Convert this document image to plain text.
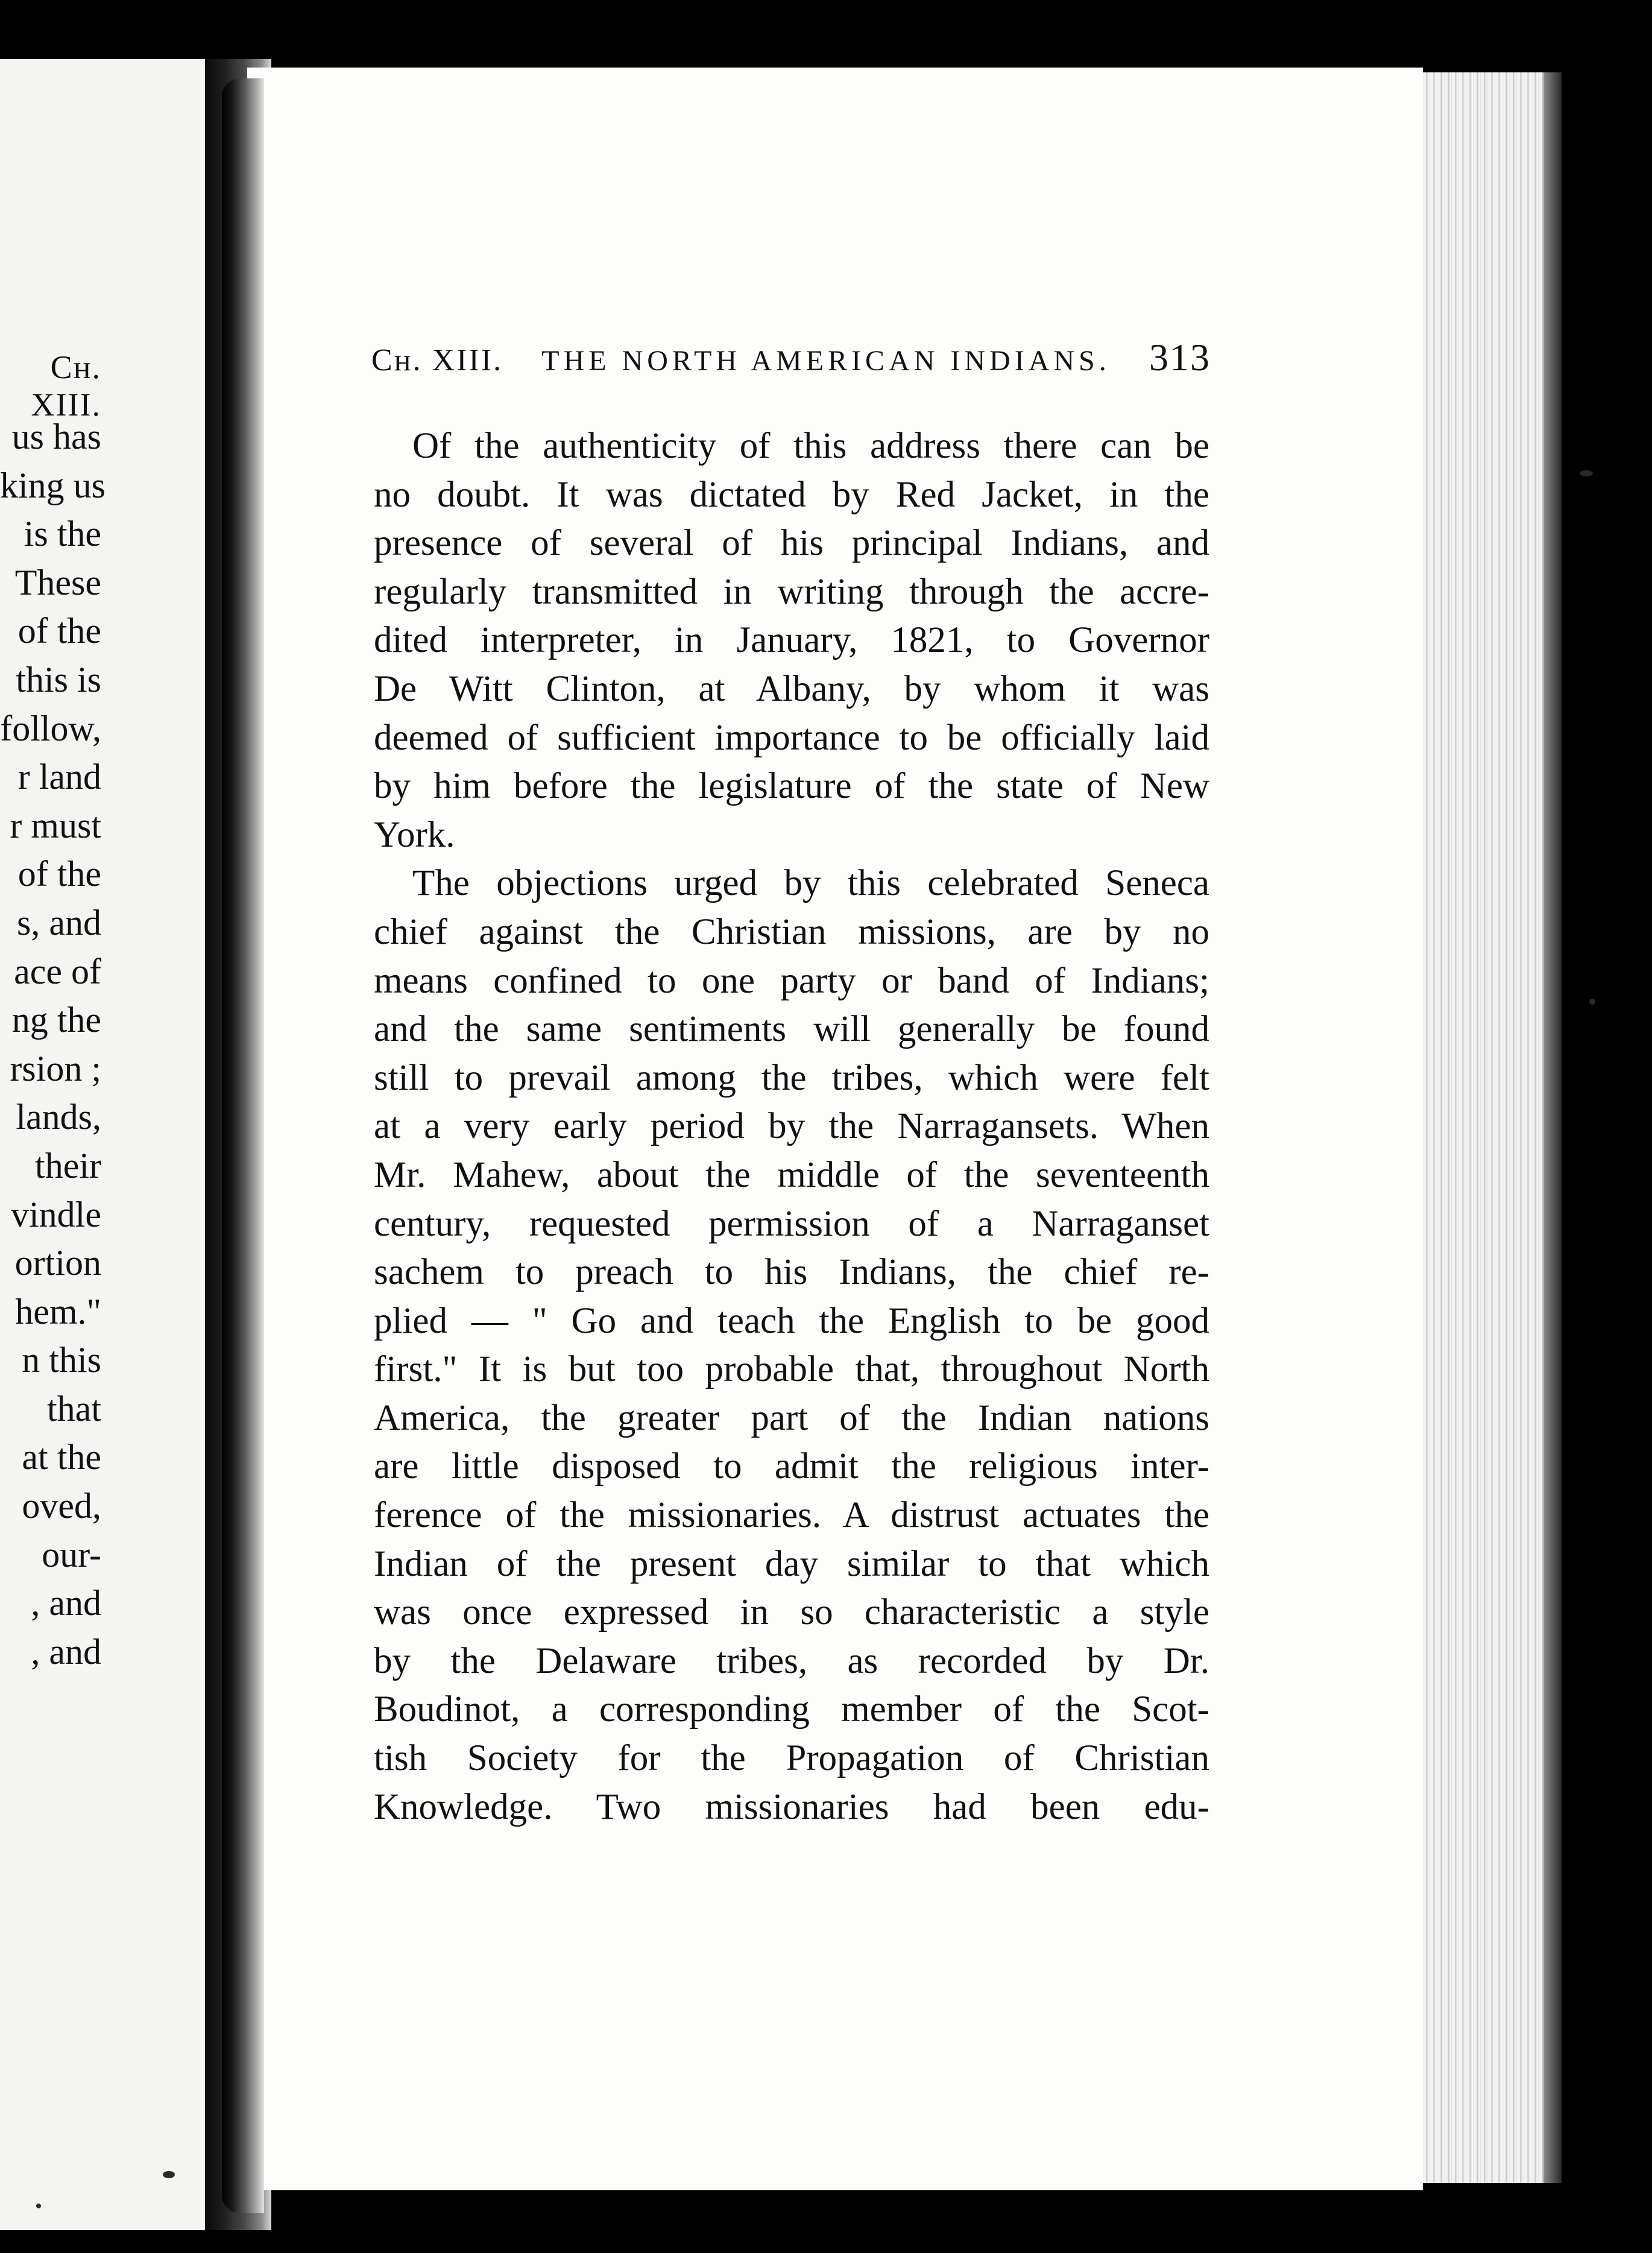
Cн. XIII.
us has
king us
is the
These
of the
this is
follow,
r land
r must
of the
s, and
ace of
ng the
rsion ;
lands,
their
vindle
ortion
hem."
n this
that
at the
oved,
our-
, and
, and
Cн. XIII. THE NORTH AMERICAN INDIANS. 313
Of the authenticity of this address there can be
no doubt. It was dictated by Red Jacket, in the
presence of several of his principal Indians, and
regularly transmitted in writing through the accre-
dited interpreter, in January, 1821, to Governor
De Witt Clinton, at Albany, by whom it was
deemed of sufficient importance to be officially laid
by him before the legislature of the state of New
York.
The objections urged by this celebrated Seneca
chief against the Christian missions, are by no
means confined to one party or band of Indians;
and the same sentiments will generally be found
still to prevail among the tribes, which were felt
at a very early period by the Narragansets. When
Mr. Mahew, about the middle of the seventeenth
century, requested permission of a Narraganset
sachem to preach to his Indians, the chief re-
plied — " Go and teach the English to be good
first." It is but too probable that, throughout North
America, the greater part of the Indian nations
are little disposed to admit the religious inter-
ference of the missionaries. A distrust actuates the
Indian of the present day similar to that which
was once expressed in so characteristic a style
by the Delaware tribes, as recorded by Dr.
Boudinot, a corresponding member of the Scot-
tish Society for the Propagation of Christian
Knowledge. Two missionaries had been edu-
